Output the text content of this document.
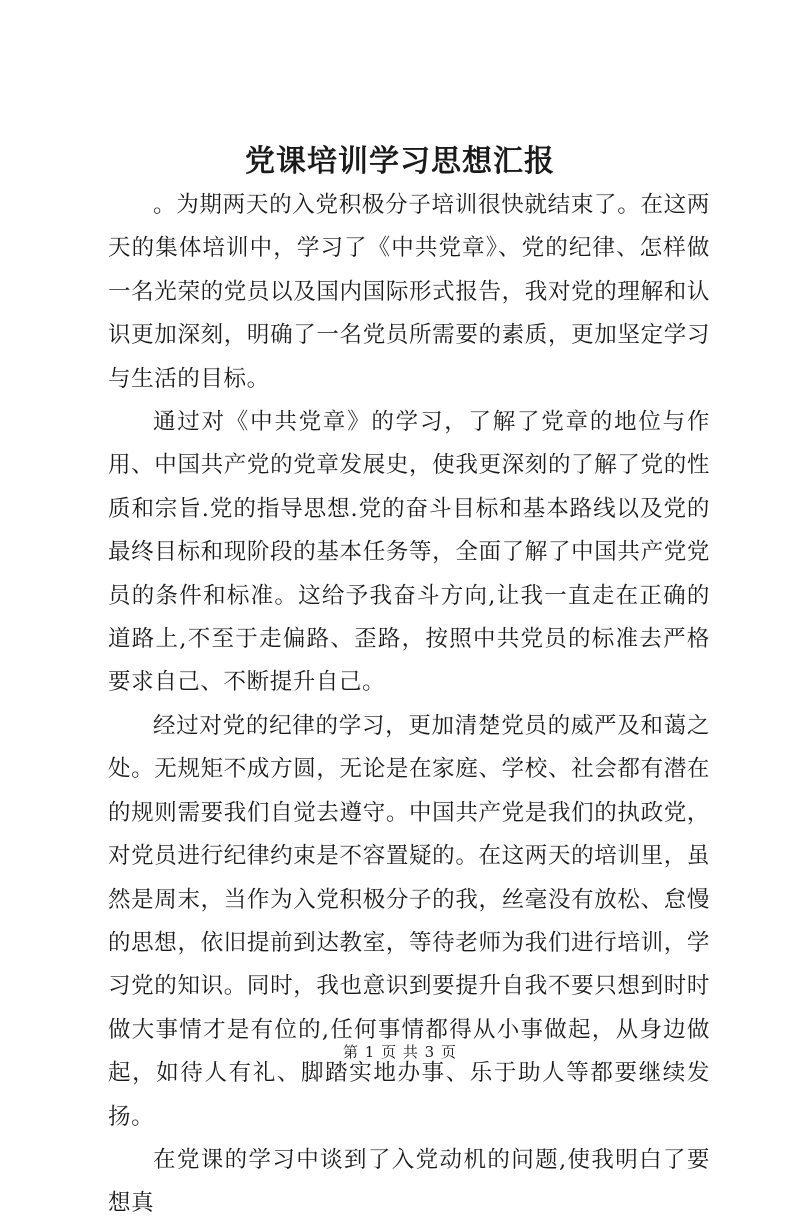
党课培训学习思想汇报

。为期两天的入党积极分子培训很快就结束了。在这两天的集体培训中，学习了《中共党章》、党的纪律、怎样做一名光荣的党员以及国内国际形式报告，我对党的理解和认识更加深刻，明确了一名党员所需要的素质，更加坚定学习与生活的目标。

通过对《中共党章》的学习，了解了党章的地位与作用、中国共产党的党章发展史，使我更深刻的了解了党的性质和宗旨.党的指导思想.党的奋斗目标和基本路线以及党的最终目标和现阶段的基本任务等，全面了解了中国共产党党员的条件和标准。这给予我奋斗方向,让我一直走在正确的道路上,不至于走偏路、歪路，按照中共党员的标准去严格要求自己、不断提升自己。

经过对党的纪律的学习，更加清楚党员的威严及和蔼之处。无规矩不成方圆，无论是在家庭、学校、社会都有潜在的规则需要我们自觉去遵守。中国共产党是我们的执政党，对党员进行纪律约束是不容置疑的。在这两天的培训里，虽然是周末，当作为入党积极分子的我，丝毫没有放松、怠慢的思想，依旧提前到达教室，等待老师为我们进行培训，学习党的知识。同时，我也意识到要提升自我不要只想到时时做大事情才是有位的,任何事情都得从小事做起，从身边做起，如待人有礼、脚踏实地办事、乐于助人等都要继续发扬。

在党课的学习中谈到了入党动机的问题,使我明白了要想真

第 1 页 共 3 页
